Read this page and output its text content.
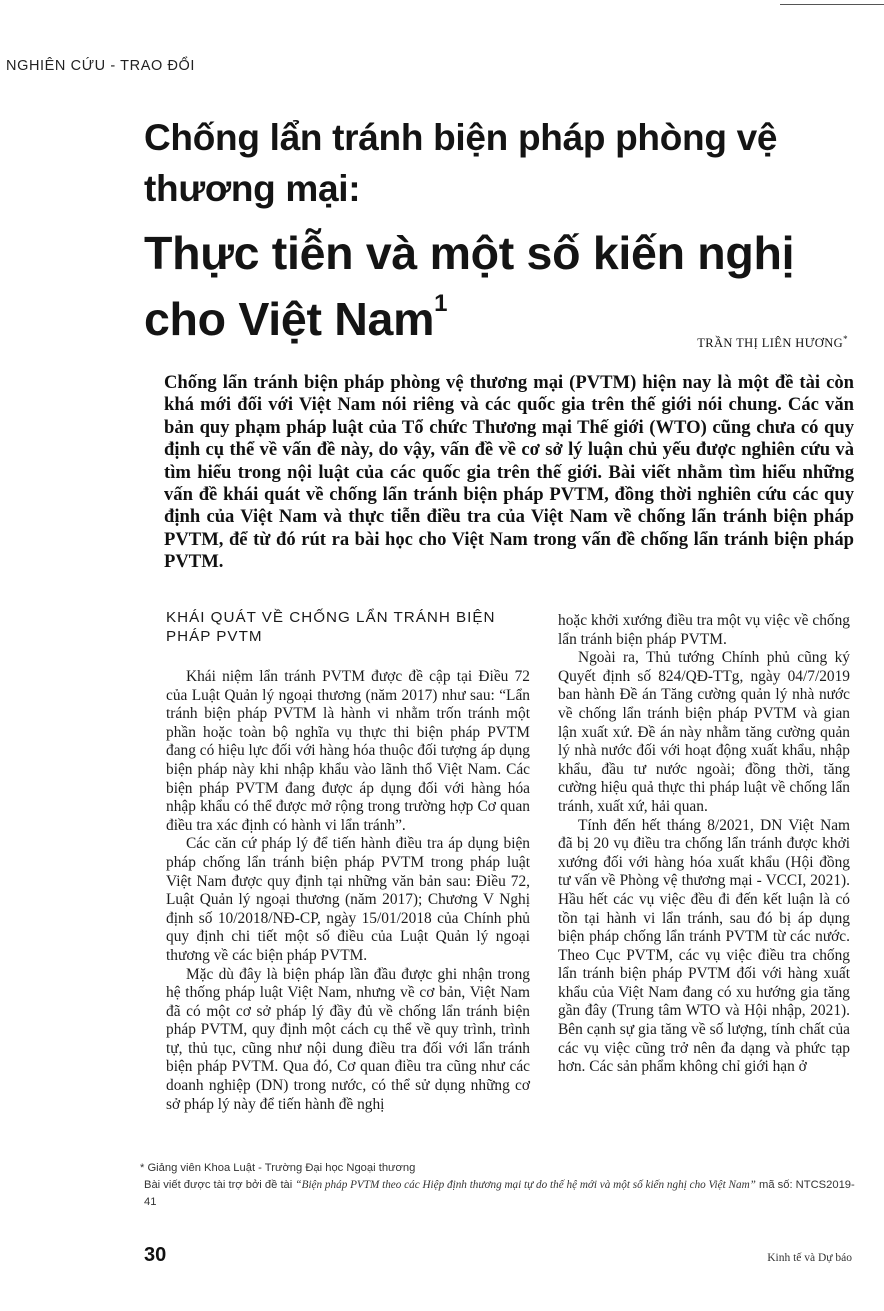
NGHIÊN CỨU - TRAO ĐỔI
Chống lẩn tránh biện pháp phòng vệ thương mại:
Thực tiễn và một số kiến nghị cho Việt Nam$^1$
TRẦN THỊ LIÊN HƯƠNG*
Chống lẩn tránh biện pháp phòng vệ thương mại (PVTM) hiện nay là một đề tài còn khá mới đối với Việt Nam nói riêng và các quốc gia trên thế giới nói chung. Các văn bản quy phạm pháp luật của Tổ chức Thương mại Thế giới (WTO) cũng chưa có quy định cụ thể về vấn đề này, do vậy, vấn đề về cơ sở lý luận chủ yếu được nghiên cứu và tìm hiểu trong nội luật của các quốc gia trên thế giới. Bài viết nhằm tìm hiểu những vấn đề khái quát về chống lẩn tránh biện pháp PVTM, đồng thời nghiên cứu các quy định của Việt Nam và thực tiễn điều tra của Việt Nam về chống lẩn tránh biện pháp PVTM, để từ đó rút ra bài học cho Việt Nam trong vấn đề chống lẩn tránh biện pháp PVTM.
KHÁI QUÁT VỀ CHỐNG LẨN TRÁNH BIỆN PHÁP PVTM

Khái niệm lẩn tránh PVTM được đề cập tại Điều 72 của Luật Quản lý ngoại thương (năm 2017) như sau: “Lẩn tránh biện pháp PVTM là hành vi nhằm trốn tránh một phần hoặc toàn bộ nghĩa vụ thực thi biện pháp PVTM đang có hiệu lực đối với hàng hóa thuộc đối tượng áp dụng biện pháp này khi nhập khẩu vào lãnh thổ Việt Nam. Các biện pháp PVTM đang được áp dụng đối với hàng hóa nhập khẩu có thể được mở rộng trong trường hợp Cơ quan điều tra xác định có hành vi lẩn tránh”.

Các căn cứ pháp lý để tiến hành điều tra áp dụng biện pháp chống lẩn tránh biện pháp PVTM trong pháp luật Việt Nam được quy định tại những văn bản sau: Điều 72, Luật Quản lý ngoại thương (năm 2017); Chương V Nghị định số 10/2018/NĐ-CP, ngày 15/01/2018 của Chính phủ quy định chi tiết một số điều của Luật Quản lý ngoại thương về các biện pháp PVTM.

Mặc dù đây là biện pháp lần đầu được ghi nhận trong hệ thống pháp luật Việt Nam, nhưng về cơ bản, Việt Nam đã có một cơ sở pháp lý đầy đủ về chống lẩn tránh biện pháp PVTM, quy định một cách cụ thể về quy trình, trình tự, thủ tục, cũng như nội dung điều tra đối với lẩn tránh biện pháp PVTM. Qua đó, Cơ quan điều tra cũng như các doanh nghiệp (DN) trong nước, có thể sử dụng những cơ sở pháp lý này để tiến hành đề nghị

hoặc khởi xướng điều tra một vụ việc về chống lẩn tránh biện pháp PVTM.

Ngoài ra, Thủ tướng Chính phủ cũng ký Quyết định số 824/QĐ-TTg, ngày 04/7/2019 ban hành Đề án Tăng cường quản lý nhà nước về chống lẩn tránh biện pháp PVTM và gian lận xuất xứ. Đề án này nhằm tăng cường quản lý nhà nước đối với hoạt động xuất khẩu, nhập khẩu, đầu tư nước ngoài; đồng thời, tăng cường hiệu quả thực thi pháp luật về chống lẩn tránh, xuất xứ, hải quan.

Tính đến hết tháng 8/2021, DN Việt Nam đã bị 20 vụ điều tra chống lẩn tránh được khởi xướng đối với hàng hóa xuất khẩu (Hội đồng tư vấn về Phòng vệ thương mại - VCCI, 2021). Hầu hết các vụ việc đều đi đến kết luận là có tồn tại hành vi lẩn tránh, sau đó bị áp dụng biện pháp chống lẩn tránh PVTM từ các nước. Theo Cục PVTM, các vụ việc điều tra chống lẩn tránh biện pháp PVTM đối với hàng xuất khẩu của Việt Nam đang có xu hướng gia tăng gần đây (Trung tâm WTO và Hội nhập, 2021). Bên cạnh sự gia tăng về số lượng, tính chất của các vụ việc cũng trở nên đa dạng và phức tạp hơn. Các sản phẩm không chỉ giới hạn ở

* Giảng viên Khoa Luật - Trường Đại học Ngoại thương

Bài viết được tài trợ bởi đề tài “Biện pháp PVTM theo các Hiệp định thương mại tự do thế hệ mới và một số kiến nghị cho Việt Nam” mã số: NTCS2019-41

30	Kinh tế và Dự báo
